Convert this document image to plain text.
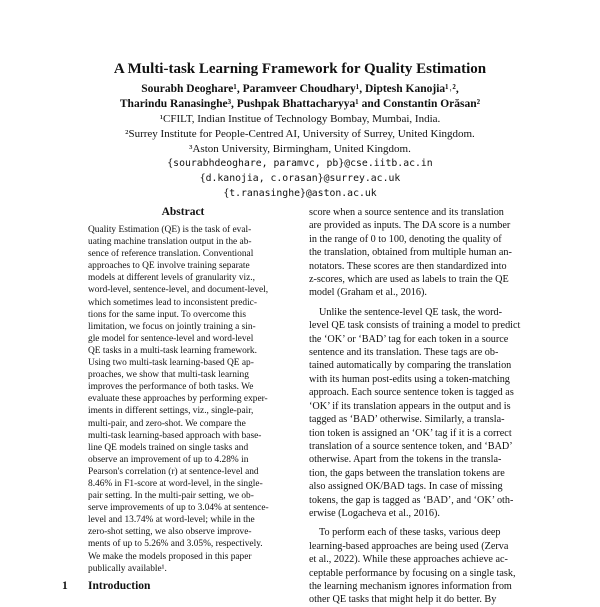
A Multi-task Learning Framework for Quality Estimation
Sourabh Deoghare¹, Paramveer Choudhary¹, Diptesh Kanojia¹˒²,
Tharindu Ranasinghe³, Pushpak Bhattacharyya¹ and Constantin Orăsan²
¹CFILT, Indian Institue of Technology Bombay, Mumbai, India.
²Surrey Institute for People-Centred AI, University of Surrey, United Kingdom.
³Aston University, Birmingham, United Kingdom.
{sourabhdeoghare, paramvc, pb}@cse.iitb.ac.in
{d.kanojia, c.orasan}@surrey.ac.uk
{t.ranasinghe}@aston.ac.uk
Abstract
Quality Estimation (QE) is the task of eval-
uating machine translation output in the ab-
sence of reference translation. Conventional
approaches to QE involve training separate
models at different levels of granularity viz.,
word-level, sentence-level, and document-level,
which sometimes lead to inconsistent predic-
tions for the same input. To overcome this
limitation, we focus on jointly training a sin-
gle model for sentence-level and word-level
QE tasks in a multi-task learning framework.
Using two multi-task learning-based QE ap-
proaches, we show that multi-task learning
improves the performance of both tasks. We
evaluate these approaches by performing exper-
iments in different settings, viz., single-pair,
multi-pair, and zero-shot. We compare the
multi-task learning-based approach with base-
line QE models trained on single tasks and
observe an improvement of up to 4.28% in
Pearson's correlation (r) at sentence-level and
8.46% in F1-score at word-level, in the single-
pair setting. In the multi-pair setting, we ob-
serve improvements of up to 3.04% at sentence-
level and 13.74% at word-level; while in the
zero-shot setting, we also observe improve-
ments of up to 5.26% and 3.05%, respectively.
We make the models proposed in this paper
publically available¹.
1 Introduction
score when a source sentence and its translation
are provided as inputs. The DA score is a number
in the range of 0 to 100, denoting the quality of
the translation, obtained from multiple human an-
notators. These scores are then standardized into
z-scores, which are used as labels to train the QE
model (Graham et al., 2016).
Unlike the sentence-level QE task, the word-
level QE task consists of training a model to predict
the ‘OK’ or ‘BAD’ tag for each token in a source
sentence and its translation. These tags are ob-
tained automatically by comparing the translation
with its human post-edits using a token-matching
approach. Each source sentence token is tagged as
‘OK’ if its translation appears in the output and is
tagged as ‘BAD’ otherwise. Similarly, a transla-
tion token is assigned an ‘OK’ tag if it is a correct
translation of a source sentence token, and ‘BAD’
otherwise. Apart from the tokens in the transla-
tion, the gaps between the translation tokens are
also assigned OK/BAD tags. In case of missing
tokens, the gap is tagged as ‘BAD’, and ‘OK’ oth-
erwise (Logacheva et al., 2016).
To perform each of these tasks, various deep
learning-based approaches are being used (Zerva
et al., 2022). While these approaches achieve ac-
ceptable performance by focusing on a single task,
the learning mechanism ignores information from
other QE tasks that might help it do better. By
